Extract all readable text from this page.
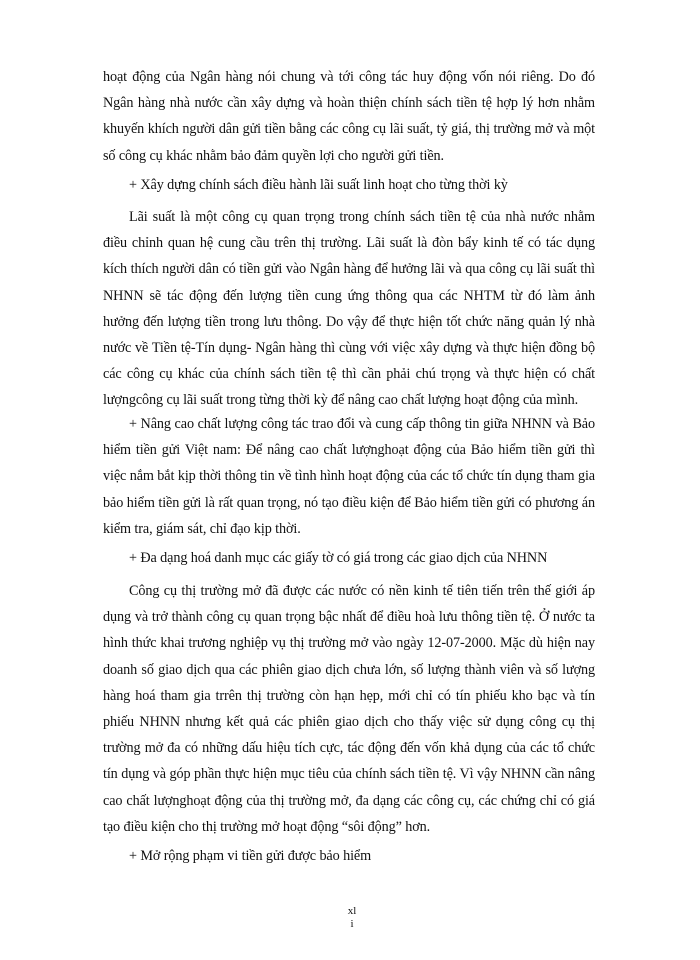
hoạt động của Ngân hàng nói chung và tới công tác huy động vốn nói riêng. Do đó Ngân hàng nhà nước cần xây dựng và hoàn thiện chính sách tiền tệ hợp lý hơn nhằm khuyến khích người dân gửi tiền bằng các công cụ lãi suất, tỷ giá, thị trường mở và một số công cụ khác nhằm bảo đảm quyền lợi cho người gửi tiền.

+ Xây dựng chính sách điều hành lãi suất linh hoạt cho từng thời kỳ

Lãi suất là một công cụ quan trọng trong chính sách tiền tệ của nhà nước nhằm điều chỉnh quan hệ cung cầu trên thị trường. Lãi suất là đòn bẩy kinh tế có tác dụng kích thích người dân có tiền gửi vào Ngân hàng để hưởng lãi và qua công cụ lãi suất thì NHNN sẽ tác động đến lượng tiền cung ứng thông qua các NHTM từ đó làm ảnh hưởng đến lượng tiền trong lưu thông. Do vậy để thực hiện tốt chức năng quản lý nhà nước về Tiền tệ-Tín dụng- Ngân hàng thì cùng với việc xây dựng và thực hiện đồng bộ các công cụ khác của chính sách tiền tệ thì cần phải chú trọng và thực hiện có chất lượngcông cụ lãi suất trong từng thời kỳ để nâng cao chất lượng hoạt động của mình.

+ Nâng cao chất lượng công tác trao đổi và cung cấp thông tin giữa NHNN và Bảo hiểm tiền gửi Việt nam: Để nâng cao chất lượnghoạt động của Bảo hiểm tiền gửi thì việc nắm bắt kịp thời thông tin về tình hình hoạt động của các tổ chức tín dụng tham gia bảo hiểm tiền gửi là rất quan trọng, nó tạo điều kiện để Bảo hiểm tiền gửi có phương án kiểm tra, giám sát, chỉ đạo kịp thời.

+ Đa dạng hoá danh mục các giấy tờ có giá trong các giao dịch của NHNN

Công cụ thị trường mở đã được các nước có nền kinh tế tiên tiến trên thế giới áp dụng và trở thành công cụ quan trọng bậc nhất để điều hoà lưu thông tiền tệ. Ở nước ta hình thức khai trương nghiệp vụ thị trường mở vào ngày 12-07-2000. Mặc dù hiện nay doanh số giao dịch qua các phiên giao dịch chưa lớn, số lượng thành viên và số lượng hàng hoá tham gia trrên thị trường còn hạn hẹp, mới chỉ có tín phiếu kho bạc và tín phiếu NHNN nhưng kết quả các phiên giao dịch cho thấy việc sử dụng công cụ thị trường mở đa có những dấu hiệu tích cực, tác động đến vốn khả dụng của các tổ chức tín dụng và góp phần thực hiện mục tiêu của chính sách tiền tệ. Vì vậy NHNN cần nâng cao chất lượnghoạt động của thị trường mở, đa dạng các công cụ, các chứng chỉ có giá tạo điều kiện cho thị trường mở hoạt động “sôi động” hơn.

+ Mở rộng phạm vi tiền gửi được bảo hiểm

xl

i
